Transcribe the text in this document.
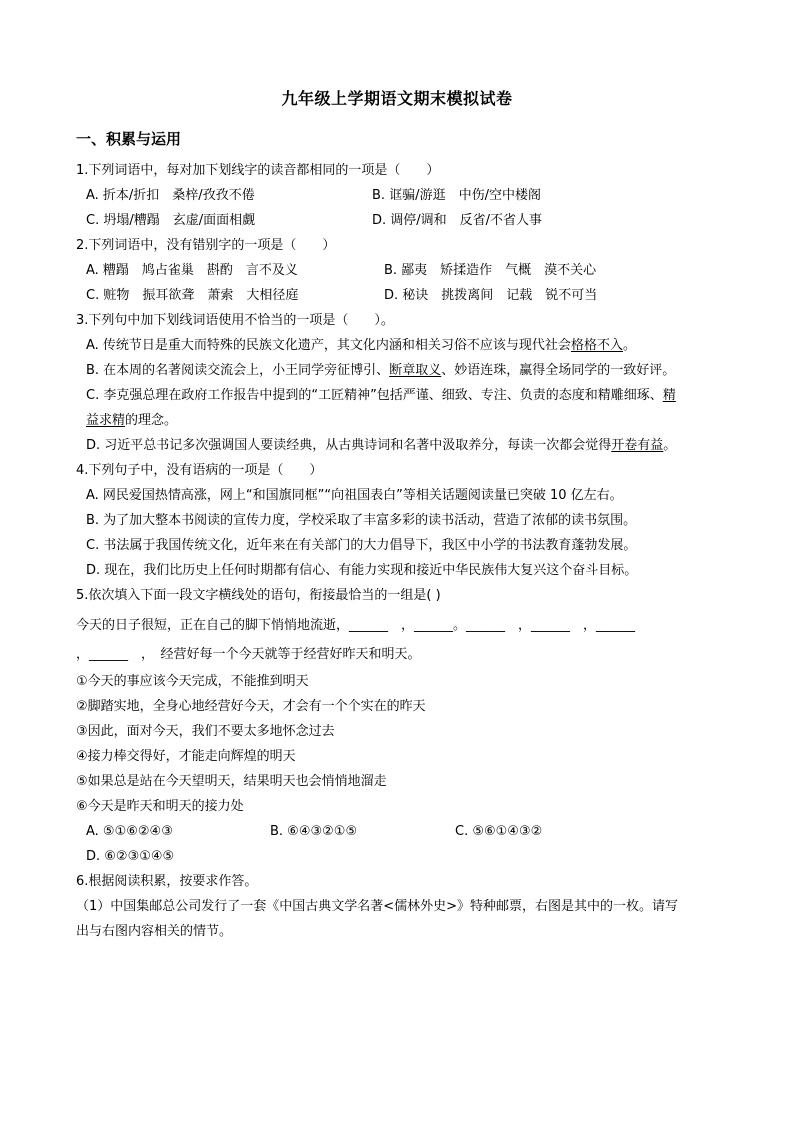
九年级上学期语文期末模拟试卷
一、积累与运用
1.下列词语中，每对加下划线字的读音都相同的一项是（　　）
A. 折本/折扣　桑梓/孜孜不倦	B. 诓骗/游逛　中伤/空中楼阁
C. 坍塌/糟蹋　玄虚/面面相觑	D. 调停/调和　反省/不省人事
2.下列词语中，没有错别字的一项是（　　）
A. 糟蹋　鸠占雀巢　斟酌　言不及义	B. 鄙夷　矫揉造作　气概　漠不关心
C. 赃物　振耳欲聋　萧索　大相径庭	D. 秘诀　挑拨离间　记载　锐不可当
3.下列句中加下划线词语使用不恰当的一项是（　　）。
A. 传统节日是重大而特殊的民族文化遗产，其文化内涵和相关习俗不应该与现代社会格格不入。
B. 在本周的名著阅读交流会上，小王同学旁征博引、断章取义、妙语连珠，赢得全场同学的一致好评。
C. 李克强总理在政府工作报告中提到的“工匠精神”包括严谨、细致、专注、负责的态度和精雕细琢、精
益求精的理念。
D. 习近平总书记多次强调国人要读经典，从古典诗词和名著中汲取养分，每读一次都会觉得开卷有益。
4.下列句子中，没有语病的一项是（　　）
A. 网民爱国热情高涨，网上“和国旗同框”“向祖国表白”等相关话题阅读量已突破 10 亿左右。
B. 为了加大整本书阅读的宣传力度，学校采取了丰富多彩的读书活动，营造了浓郁的读书氛围。
C. 书法属于我国传统文化，近年来在有关部门的大力倡导下，我区中小学的书法教育蓬勃发展。
D. 现在，我们比历史上任何时期都有信心、有能力实现和接近中华民族伟大复兴这个奋斗目标。
5.依次填入下面一段文字横线处的语句，衔接最恰当的一组是( )
今天的日子很短，正在自己的脚下悄悄地流逝，______　，______。______　，______　，______
，______　，　经营好每一个今天就等于经营好昨天和明天。
①今天的事应该今天完成，不能推到明天
②脚踏实地，全身心地经营好今天，才会有一个个实在的昨天
③因此，面对今天，我们不要太多地怀念过去
④接力棒交得好，才能走向辉煌的明天
⑤如果总是站在今天望明天，结果明天也会悄悄地溜走
⑥今天是昨天和明天的接力处
A. ⑤①⑥②④③	B. ⑥④③②①⑤	C. ⑤⑥①④③②
D. ⑥②③①④⑤
6.根据阅读积累，按要求作答。
（1）中国集邮总公司发行了一套《中国古典文学名著<儒林外史>》特种邮票，右图是其中的一枚。请写
出与右图内容相关的情节。
